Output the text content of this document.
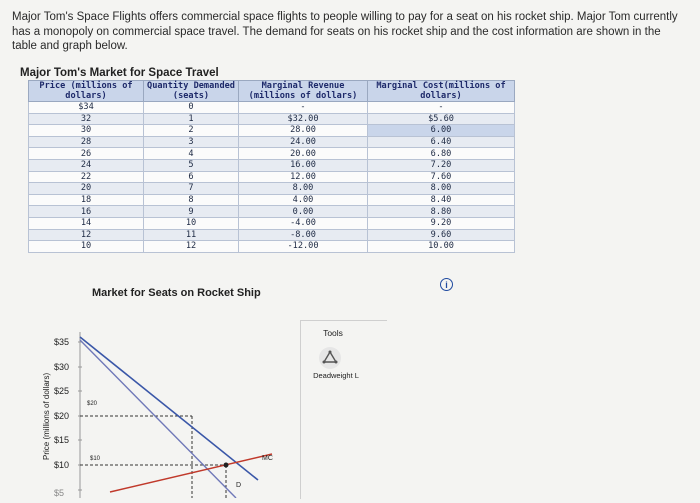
Major Tom's Space Flights offers commercial space flights to people willing to pay for a seat on his rocket ship. Major Tom currently has a monopoly on commercial space travel. The demand for seats on his rocket ship and the cost information are shown in the table and graph below.
Major Tom's Market for Space Travel
Price (millions of dollars)	Quantity Demanded (seats)	Marginal Revenue (millions of dollars)	Marginal Cost(millions of dollars)
$34	0	-	-
32	1	$32.00	$5.60
30	2	28.00	6.00
28	3	24.00	6.40
26	4	20.00	6.80
24	5	16.00	7.20
22	6	12.00	7.60
20	7	8.00	8.00
18	8	4.00	8.40
16	9	0.00	8.80
14	10	-4.00	9.20
12	11	-8.00	9.60
10	12	-12.00	10.00
i
Market for Seats on Rocket Ship
$35
$30
$25
$20
$15
$10
$5
Price (millions of dollars)	$20
$10	MC
D
Tools
Deadweight L
